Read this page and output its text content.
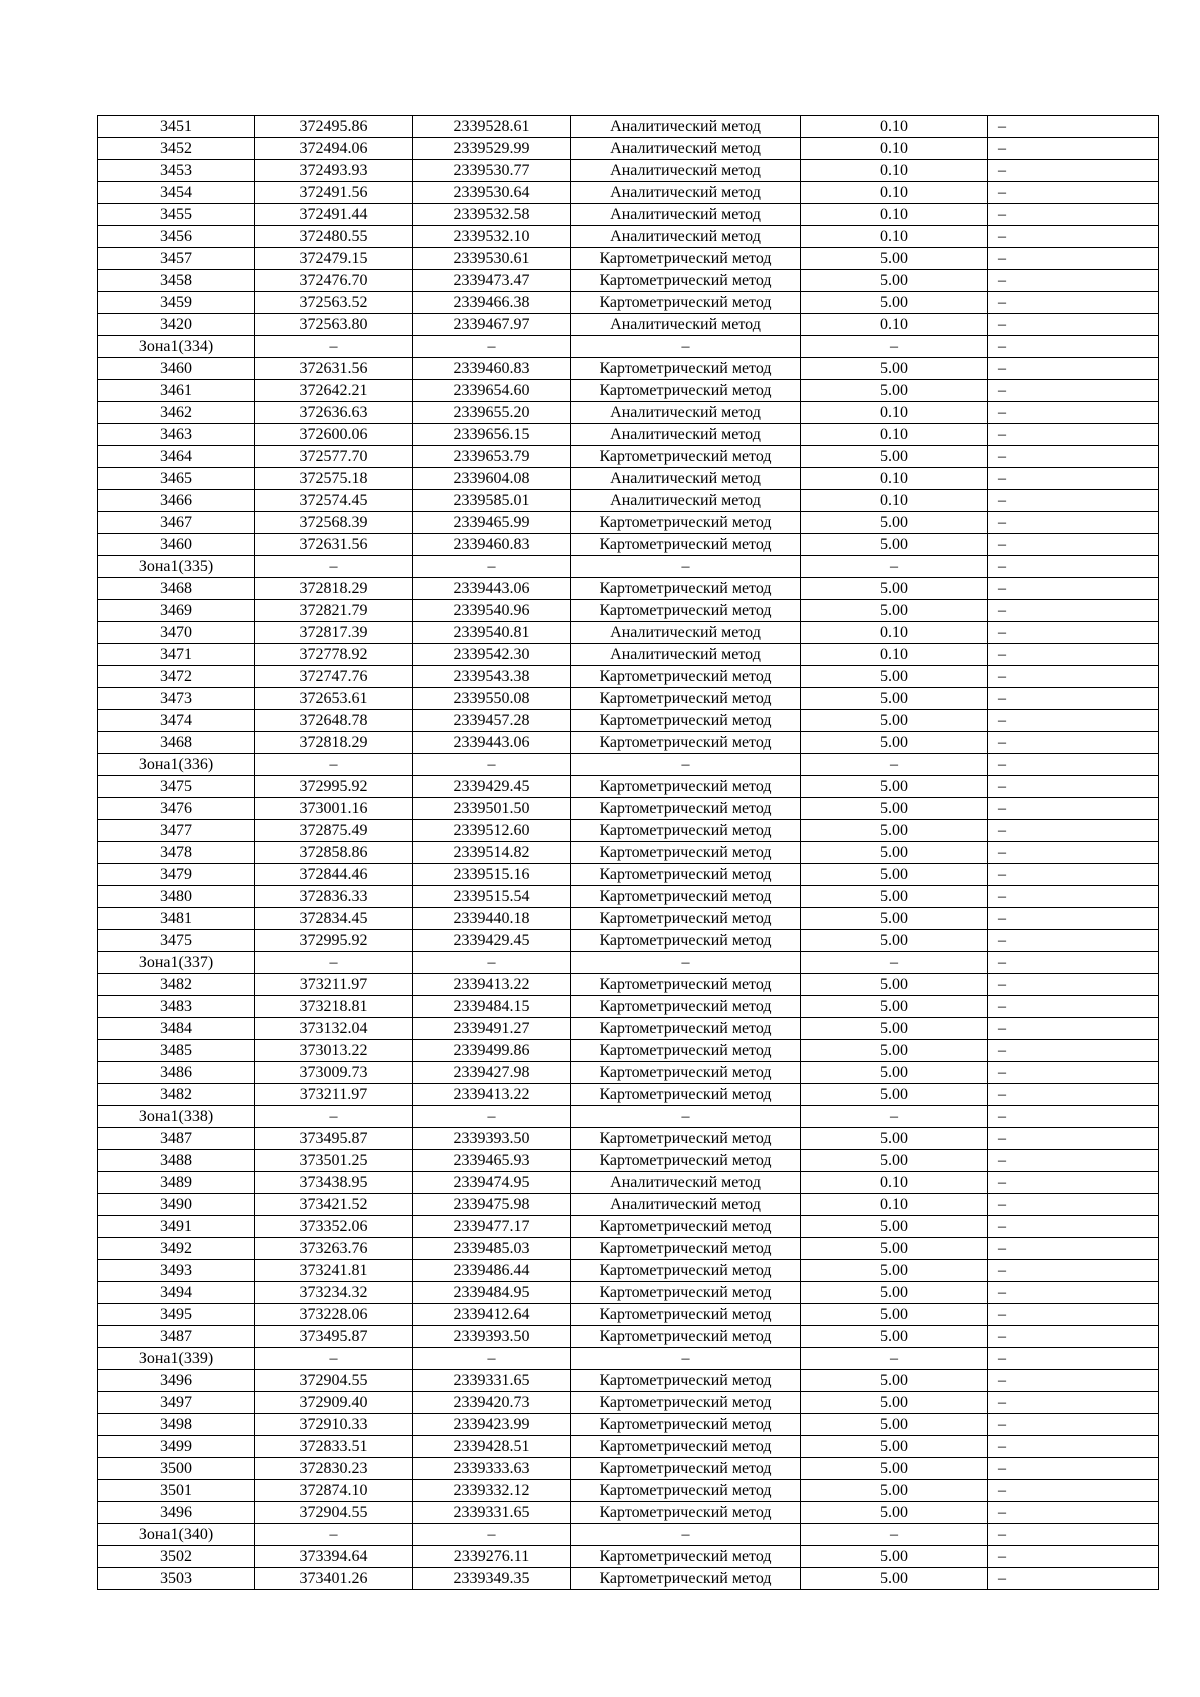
3451	372495.86	2339528.61	Аналитический метод	0.10	–
3452	372494.06	2339529.99	Аналитический метод	0.10	–
3453	372493.93	2339530.77	Аналитический метод	0.10	–
3454	372491.56	2339530.64	Аналитический метод	0.10	–
3455	372491.44	2339532.58	Аналитический метод	0.10	–
3456	372480.55	2339532.10	Аналитический метод	0.10	–
3457	372479.15	2339530.61	Картометрический метод	5.00	–
3458	372476.70	2339473.47	Картометрический метод	5.00	–
3459	372563.52	2339466.38	Картометрический метод	5.00	–
3420	372563.80	2339467.97	Аналитический метод	0.10	–
Зона1(334)	–	–	–	–	–
3460	372631.56	2339460.83	Картометрический метод	5.00	–
3461	372642.21	2339654.60	Картометрический метод	5.00	–
3462	372636.63	2339655.20	Аналитический метод	0.10	–
3463	372600.06	2339656.15	Аналитический метод	0.10	–
3464	372577.70	2339653.79	Картометрический метод	5.00	–
3465	372575.18	2339604.08	Аналитический метод	0.10	–
3466	372574.45	2339585.01	Аналитический метод	0.10	–
3467	372568.39	2339465.99	Картометрический метод	5.00	–
3460	372631.56	2339460.83	Картометрический метод	5.00	–
Зона1(335)	–	–	–	–	–
3468	372818.29	2339443.06	Картометрический метод	5.00	–
3469	372821.79	2339540.96	Картометрический метод	5.00	–
3470	372817.39	2339540.81	Аналитический метод	0.10	–
3471	372778.92	2339542.30	Аналитический метод	0.10	–
3472	372747.76	2339543.38	Картометрический метод	5.00	–
3473	372653.61	2339550.08	Картометрический метод	5.00	–
3474	372648.78	2339457.28	Картометрический метод	5.00	–
3468	372818.29	2339443.06	Картометрический метод	5.00	–
Зона1(336)	–	–	–	–	–
3475	372995.92	2339429.45	Картометрический метод	5.00	–
3476	373001.16	2339501.50	Картометрический метод	5.00	–
3477	372875.49	2339512.60	Картометрический метод	5.00	–
3478	372858.86	2339514.82	Картометрический метод	5.00	–
3479	372844.46	2339515.16	Картометрический метод	5.00	–
3480	372836.33	2339515.54	Картометрический метод	5.00	–
3481	372834.45	2339440.18	Картометрический метод	5.00	–
3475	372995.92	2339429.45	Картометрический метод	5.00	–
Зона1(337)	–	–	–	–	–
3482	373211.97	2339413.22	Картометрический метод	5.00	–
3483	373218.81	2339484.15	Картометрический метод	5.00	–
3484	373132.04	2339491.27	Картометрический метод	5.00	–
3485	373013.22	2339499.86	Картометрический метод	5.00	–
3486	373009.73	2339427.98	Картометрический метод	5.00	–
3482	373211.97	2339413.22	Картометрический метод	5.00	–
Зона1(338)	–	–	–	–	–
3487	373495.87	2339393.50	Картометрический метод	5.00	–
3488	373501.25	2339465.93	Картометрический метод	5.00	–
3489	373438.95	2339474.95	Аналитический метод	0.10	–
3490	373421.52	2339475.98	Аналитический метод	0.10	–
3491	373352.06	2339477.17	Картометрический метод	5.00	–
3492	373263.76	2339485.03	Картометрический метод	5.00	–
3493	373241.81	2339486.44	Картометрический метод	5.00	–
3494	373234.32	2339484.95	Картометрический метод	5.00	–
3495	373228.06	2339412.64	Картометрический метод	5.00	–
3487	373495.87	2339393.50	Картометрический метод	5.00	–
Зона1(339)	–	–	–	–	–
3496	372904.55	2339331.65	Картометрический метод	5.00	–
3497	372909.40	2339420.73	Картометрический метод	5.00	–
3498	372910.33	2339423.99	Картометрический метод	5.00	–
3499	372833.51	2339428.51	Картометрический метод	5.00	–
3500	372830.23	2339333.63	Картометрический метод	5.00	–
3501	372874.10	2339332.12	Картометрический метод	5.00	–
3496	372904.55	2339331.65	Картометрический метод	5.00	–
Зона1(340)	–	–	–	–	–
3502	373394.64	2339276.11	Картометрический метод	5.00	–
3503	373401.26	2339349.35	Картометрический метод	5.00	–
